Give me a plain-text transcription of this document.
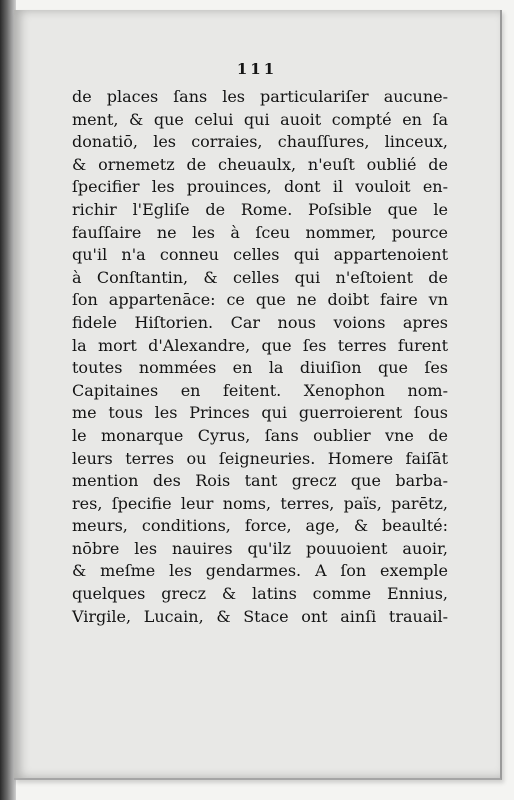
111
de places ſans les particulariſer aucune-
ment, & que celui qui auoit compté en ſa
donatiō, les corraies, chauſſures, linceux,
& ornemetz de cheuaulx, n'euſt oublié de
ſpecifier les prouinces, dont il vouloit en-
richir l'Egliſe de Rome. Poſsible que le
fauſſaire ne les à ſceu nommer, pource
qu'il n'a conneu celles qui appartenoient
à Conſtantin, & celles qui n'eſtoient de
ſon appartenāce: ce que ne doibt faire vn
fidele Hiſtorien. Car nous voions apres
la mort d'Alexandre, que ſes terres furent
toutes nommées en la diuiſion que ſes
Capitaines en feitent. Xenophon nom-
me tous les Princes qui guerroierent ſous
le monarque Cyrus, ſans oublier vne de
leurs terres ou ſeigneuries. Homere faiſāt
mention des Rois tant grecz que barba-
res, ſpecifie leur noms, terres, païs, parētz,
meurs, conditions, force, age, & beaulté:
nōbre les nauires qu'ilz pouuoient auoir,
& meſme les gendarmes. A ſon exemple
quelques grecz & latins comme Ennius,
Virgile, Lucain, & Stace ont ainſi trauail-
